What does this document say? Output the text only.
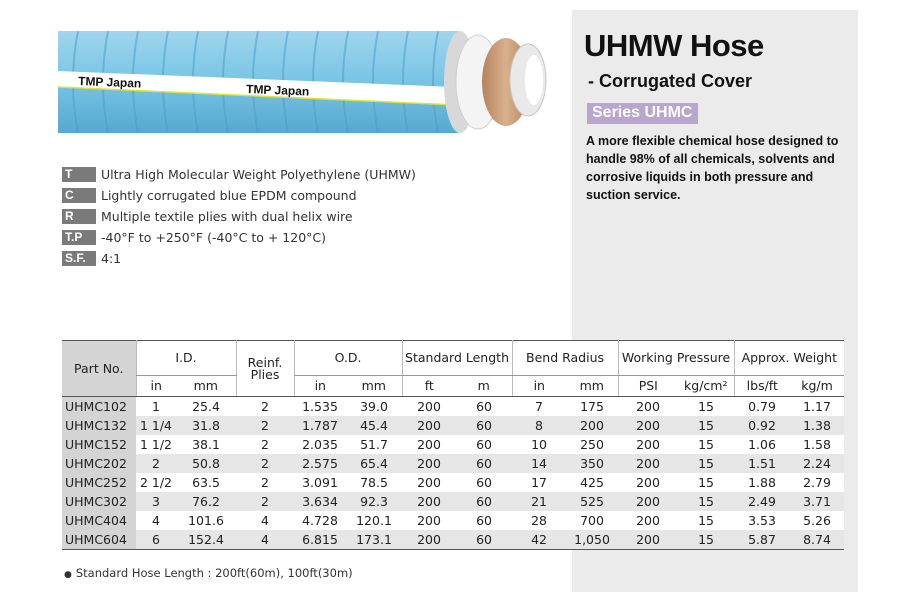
UHMW Hose
- Corrugated Cover
Series UHMC
A more flexible chemical hose designed to handle 98% of all chemicals, solvents and corrosive liquids in both pressure and suction service.
TMP Japan	TMP Japan
T	Ultra High Molecular Weight Polyethylene (UHMW)
C	Lightly corrugated blue EPDM compound
R	Multiple textile plies with dual helix wire
T.P	-40°F to +250°F (-40°C to + 120°C)
S.F.	4:1
Part No.	I.D.		Reinf. Plies	O.D.		Standard Length		Bend Radius		Working Pressure		Approx. Weight	
	in	mm		in	mm	ft	m	in	mm	PSI	kg/cm²	lbs/ft	kg/m
UHMC102	1	25.4	2	1.535	39.0	200	60	7	175	200	15	0.79	1.17
UHMC132	1 1/4	31.8	2	1.787	45.4	200	60	8	200	200	15	0.92	1.38
UHMC152	1 1/2	38.1	2	2.035	51.7	200	60	10	250	200	15	1.06	1.58
UHMC202	2	50.8	2	2.575	65.4	200	60	14	350	200	15	1.51	2.24
UHMC252	2 1/2	63.5	2	3.091	78.5	200	60	17	425	200	15	1.88	2.79
UHMC302	3	76.2	2	3.634	92.3	200	60	21	525	200	15	2.49	3.71
UHMC404	4	101.6	4	4.728	120.1	200	60	28	700	200	15	3.53	5.26
UHMC604	6	152.4	4	6.815	173.1	200	60	42	1,050	200	15	5.87	8.74
● Standard Hose Length : 200ft(60m), 100ft(30m)
